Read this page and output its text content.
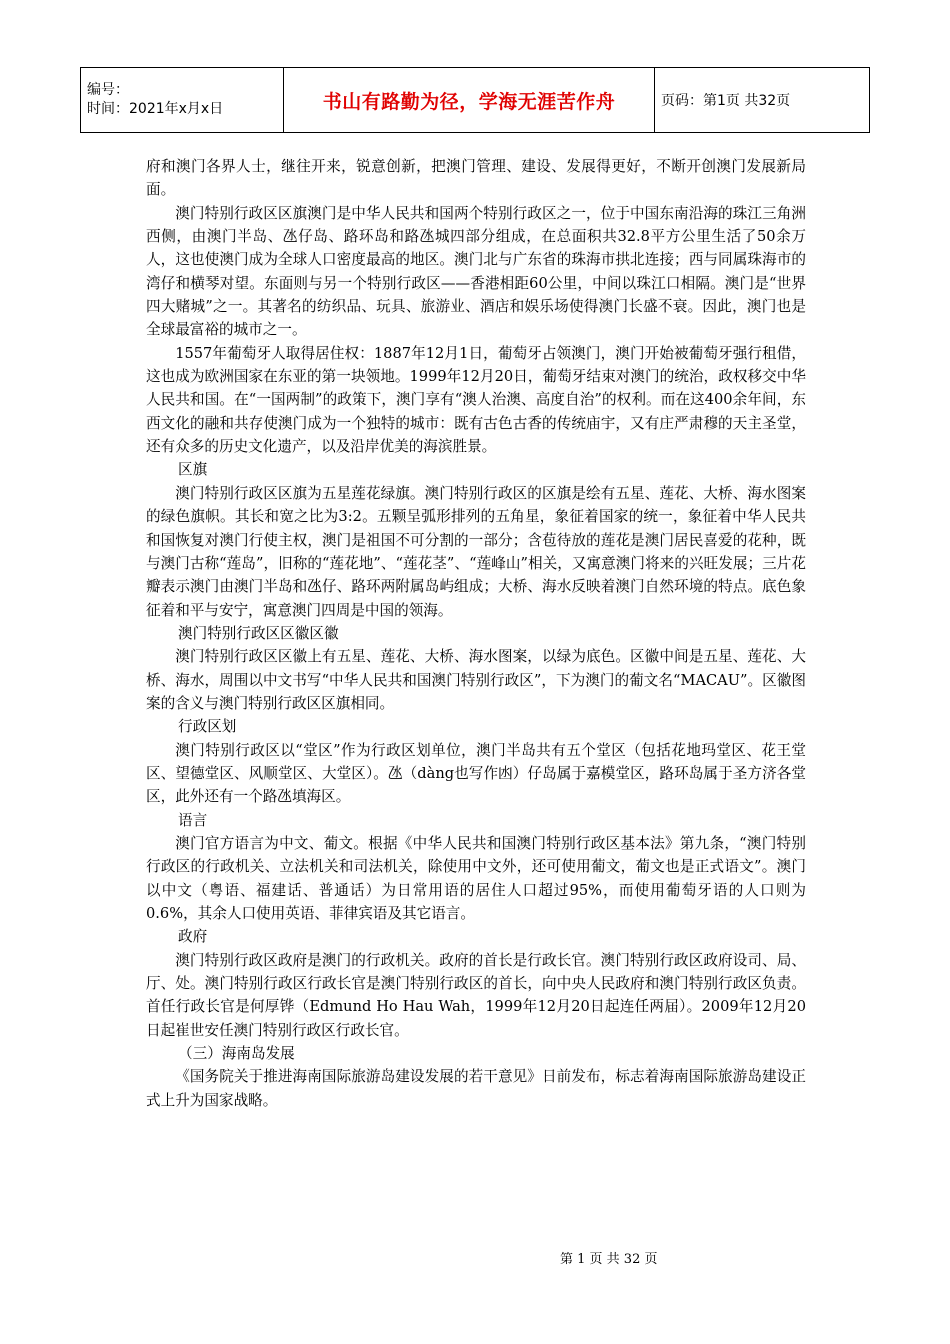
编号：
时间：2021年x月x日	书山有路勤为径，学海无涯苦作舟	页码：第1页 共32页

府和澳门各界人士，继往开来，锐意创新，把澳门管理、建设、发展得更好，不断开创澳门发展新局面。

澳门特别行政区区旗澳门是中华人民共和国两个特别行政区之一，位于中国东南沿海的珠江三角洲西侧，由澳门半岛、氹仔岛、路环岛和路氹城四部分组成，在总面积共32.8平方公里生活了50余万人，这也使澳门成为全球人口密度最高的地区。澳门北与广东省的珠海市拱北连接；西与同属珠海市的湾仔和横琴对望。东面则与另一个特别行政区——香港相距60公里，中间以珠江口相隔。澳门是“世界四大赌城”之一。其著名的纺织品、玩具、旅游业、酒店和娱乐场使得澳门长盛不衰。因此，澳门也是全球最富裕的城市之一。

1557年葡萄牙人取得居住权：1887年12月1日，葡萄牙占领澳门，澳门开始被葡萄牙强行租借，这也成为欧洲国家在东亚的第一块领地。1999年12月20日，葡萄牙结束对澳门的统治，政权移交中华人民共和国。在“一国两制”的政策下，澳门享有“澳人治澳、高度自治”的权利。而在这400余年间，东西文化的融和共存使澳门成为一个独特的城市：既有古色古香的传统庙宇，又有庄严肃穆的天主圣堂，还有众多的历史文化遗产，以及沿岸优美的海滨胜景。

区旗

澳门特别行政区区旗为五星莲花绿旗。澳门特别行政区的区旗是绘有五星、莲花、大桥、海水图案的绿色旗帜。其长和宽之比为3:2。五颗呈弧形排列的五角星，象征着国家的统一，象征着中华人民共和国恢复对澳门行使主权，澳门是祖国不可分割的一部分；含苞待放的莲花是澳门居民喜爱的花种，既与澳门古称“莲岛”，旧称的“莲花地”、“莲花茎”、“莲峰山”相关，又寓意澳门将来的兴旺发展；三片花瓣表示澳门由澳门半岛和氹仔、路环两附属岛屿组成；大桥、海水反映着澳门自然环境的特点。底色象征着和平与安宁，寓意澳门四周是中国的领海。

澳门特别行政区区徽区徽

澳门特别行政区区徽上有五星、莲花、大桥、海水图案，以绿为底色。区徽中间是五星、莲花、大桥、海水，周围以中文书写“中华人民共和国澳门特别行政区”，下为澳门的葡文名“MACAU”。区徽图案的含义与澳门特别行政区区旗相同。

行政区划

澳门特别行政区以“堂区”作为行政区划单位，澳门半岛共有五个堂区（包括花地玛堂区、花王堂区、望德堂区、风顺堂区、大堂区）。氹（dàng也写作凼）仔岛属于嘉模堂区，路环岛属于圣方济各堂区，此外还有一个路氹填海区。

语言

澳门官方语言为中文、葡文。根据《中华人民共和国澳门特别行政区基本法》第九条，“澳门特别行政区的行政机关、立法机关和司法机关，除使用中文外，还可使用葡文，葡文也是正式语文”。澳门以中文（粤语、福建话、普通话）为日常用语的居住人口超过95%，而使用葡萄牙语的人口则为0.6%，其余人口使用英语、菲律宾语及其它语言。

政府

澳门特别行政区政府是澳门的行政机关。政府的首长是行政长官。澳门特别行政区政府设司、局、厅、处。澳门特别行政区行政长官是澳门特别行政区的首长，向中央人民政府和澳门特别行政区负责。首任行政长官是何厚铧（Edmund Ho Hau Wah，1999年12月20日起连任两届）。2009年12月20日起崔世安任澳门特别行政区行政长官。

（三）海南岛发展

《国务院关于推进海南国际旅游岛建设发展的若干意见》日前发布，标志着海南国际旅游岛建设正式上升为国家战略。

第 1 页 共 32 页
